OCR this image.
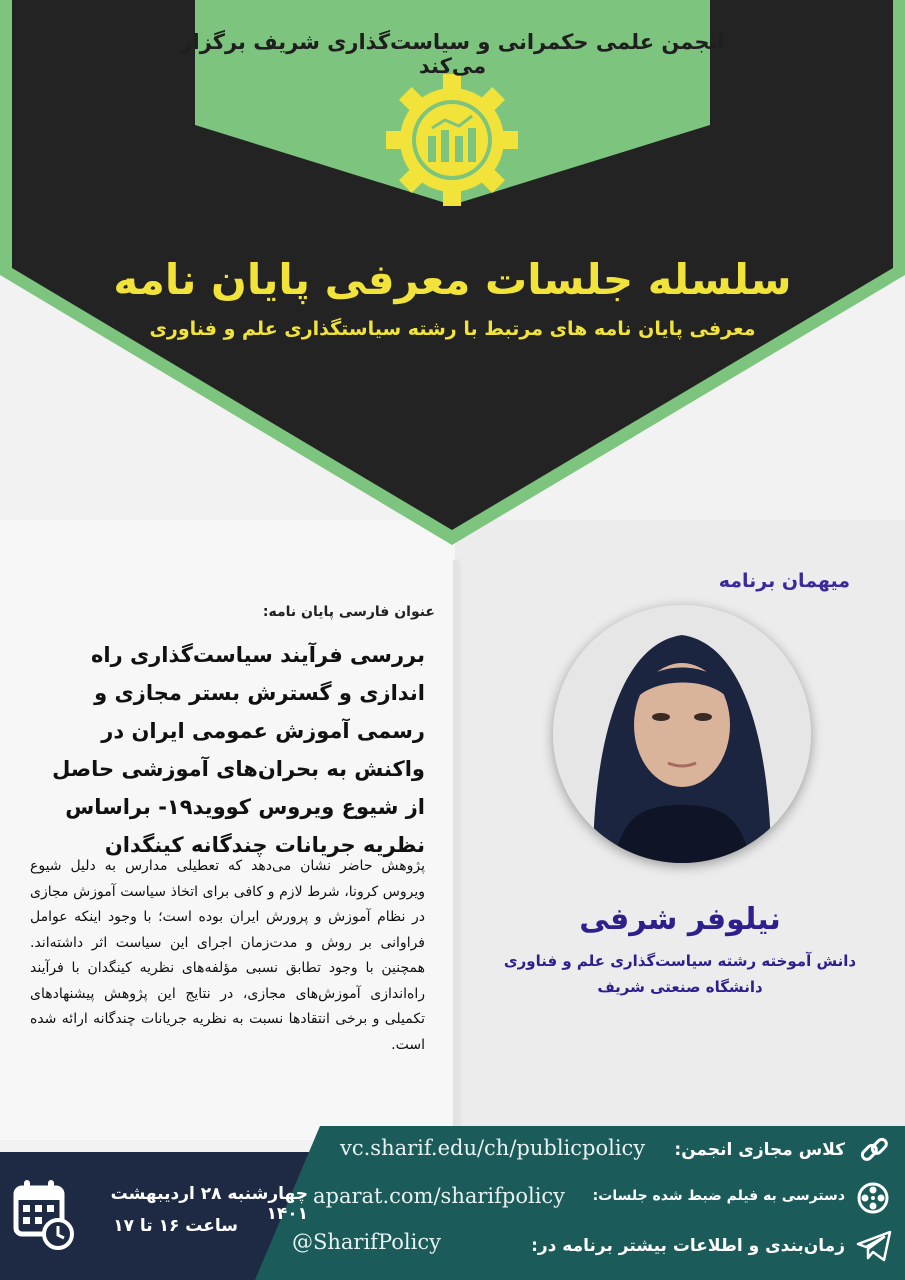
انجمن علمی حکمرانی و سیاست‌گذاری شریف برگزار می‌کند
سلسله جلسات معرفی پایان نامه
معرفی پایان نامه های مرتبط با رشته سیاستگذاری علم و فناوری
میهمان برنامه
نیلوفر شرفی
دانش آموخته رشته سیاست‌گذاری علم و فناوری
دانشگاه صنعتی شریف
عنوان فارسی پایان نامه:
بررسی فرآیند سیاست‌گذاری راه اندازی و گسترش بستر مجازی و رسمی آموزش عمومی ایران در واکنش به بحران‌های آموزشی حاصل از شیوع ویروس کووید۱۹- براساس نظریه جریانات چندگانه کینگدان
پژوهش حاضر نشان می‌دهد که تعطیلی مدارس به دلیل شیوع ویروس کرونا، شرط لازم و کافی برای اتخاذ سیاست آموزش مجازی در نظام آموزش و پرورش ایران بوده است؛ با وجود اینکه عوامل فراوانی بر روش و مدت‌زمان اجرای این سیاست اثر داشته‌اند. همچنین با وجود تطابق نسبی مؤلفه‌های نظریه کینگدان با فرآیند راه‌اندازی آموزش‌های مجازی، در نتایج این پژوهش پیشنهادهای تکمیلی و برخی انتقادها نسبت به نظریه جریانات چندگانه ارائه شده است.
چهارشنبه ۲۸ اردیبهشت ۱۴۰۱
ساعت ۱۶ تا ۱۷
vc.sharif.edu/ch/publicpolicy کلاس مجازی انجمن:
aparat.com/sharifpolicy دسترسی به فیلم ضبط شده جلسات:
@SharifPolicy	زمان‌بندی و اطلاعات بیشتر برنامه در:
